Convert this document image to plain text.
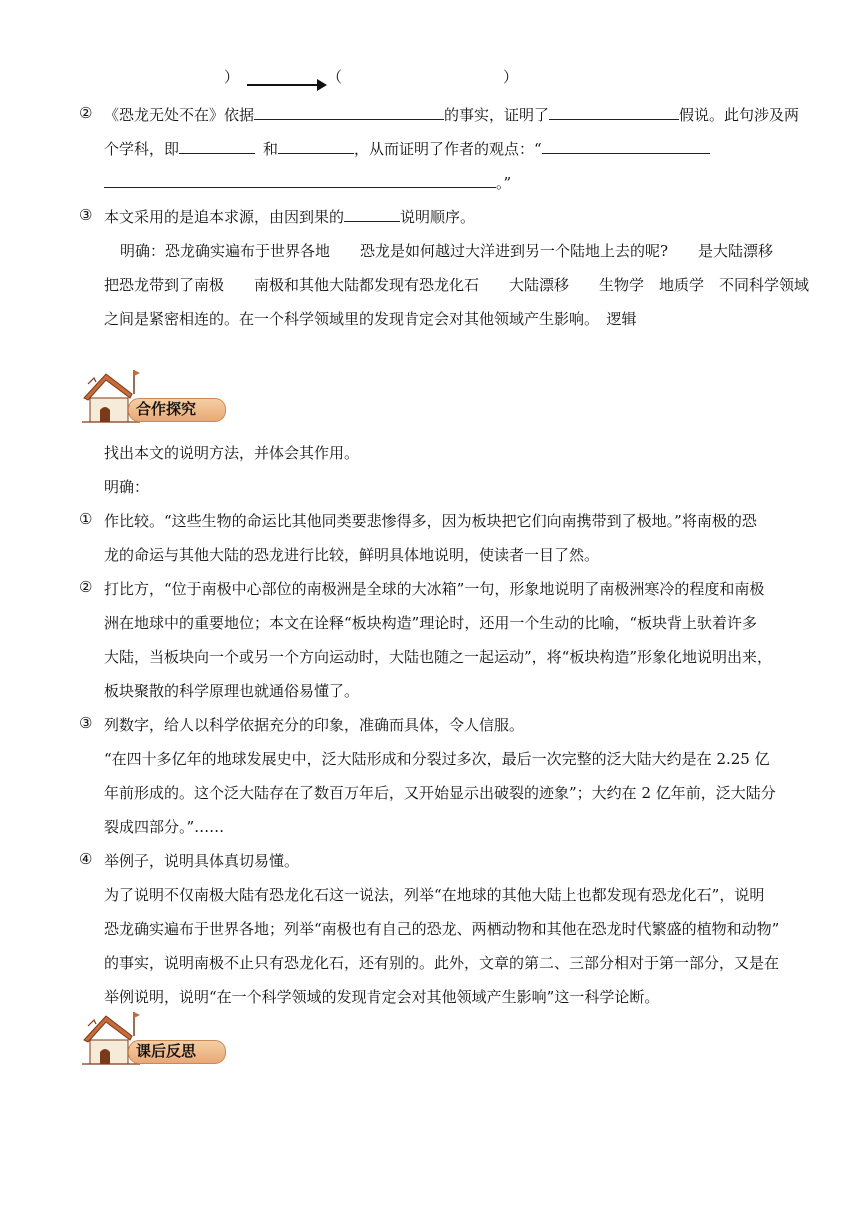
）	（	）
② 《恐龙无处不在》依据	的事实，证明了	假说。此句涉及两
个学科，即	和	，从而证明了作者的观点：“
。”
③ 本文采用的是追本求源，由因到果的	说明顺序。
明确：恐龙确实遍布于世界各地　　恐龙是如何越过大洋进到另一个陆地上去的呢?　　是大陆漂移
把恐龙带到了南极　　南极和其他大陆都发现有恐龙化石　　大陆漂移　　生物学　地质学　不同科学领域
之间是紧密相连的。在一个科学领域里的发现肯定会对其他领域产生影响。　逻辑
合作探究
找出本文的说明方法，并体会其作用。
明确：
① 作比较。“这些生物的命运比其他同类要悲惨得多，因为板块把它们向南携带到了极地。”将南极的恐
龙的命运与其他大陆的恐龙进行比较，鲜明具体地说明，使读者一目了然。
② 打比方，“位于南极中心部位的南极洲是全球的大冰箱”一句，形象地说明了南极洲寒冷的程度和南极
洲在地球中的重要地位；本文在诠释“板块构造”理论时，还用一个生动的比喻，“板块背上驮着许多
大陆，当板块向一个或另一个方向运动时，大陆也随之一起运动”，将“板块构造”形象化地说明出来，
板块聚散的科学原理也就通俗易懂了。
③ 列数字，给人以科学依据充分的印象，准确而具体，令人信服。
“在四十多亿年的地球发展史中，泛大陆形成和分裂过多次，最后一次完整的泛大陆大约是在 2.25 亿
年前形成的。这个泛大陆存在了数百万年后，又开始显示出破裂的迹象”；大约在 2 亿年前，泛大陆分
裂成四部分。”……
④ 举例子，说明具体真切易懂。
为了说明不仅南极大陆有恐龙化石这一说法，列举“在地球的其他大陆上也都发现有恐龙化石”，说明
恐龙确实遍布于世界各地；列举“南极也有自己的恐龙、两栖动物和其他在恐龙时代繁盛的植物和动物”
的事实，说明南极不止只有恐龙化石，还有别的。此外，文章的第二、三部分相对于第一部分，又是在
举例说明，说明“在一个科学领域的发现肯定会对其他领域产生影响”这一科学论断。
课后反思
